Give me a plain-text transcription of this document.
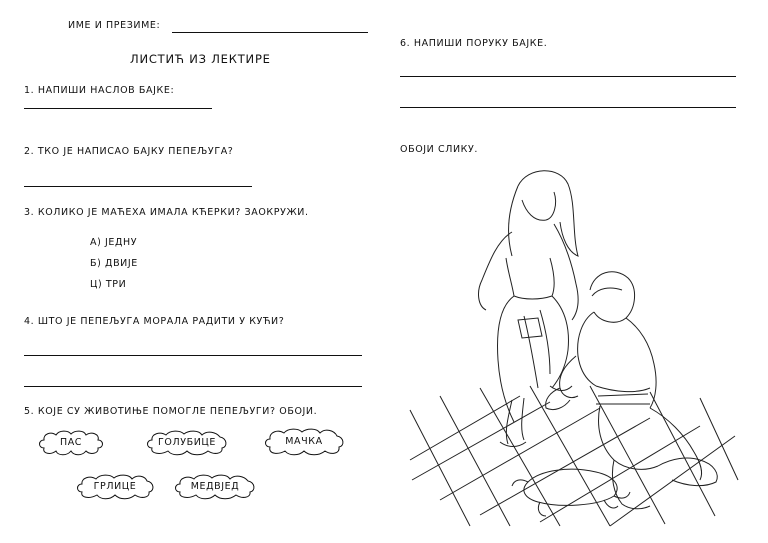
ИМЕ И ПРЕЗИМЕ:
ЛИСТИЋ ИЗ ЛЕКТИРЕ
1. НАПИШИ НАСЛОВ БАЈКЕ:
2. ТКО ЈЕ НАПИСАО БАЈКУ ПЕПЕЉУГА?
3. КОЛИКО ЈЕ МАЋЕХА ИМАЛА КЋЕРКИ? ЗАОКРУЖИ.
А) ЈЕДНУ
Б) ДВИЈЕ
Ц) ТРИ
4. ШТО ЈЕ ПЕПЕЉУГА МОРАЛА РАДИТИ У КУЋИ?
5. КОЈЕ СУ ЖИВОТИЊЕ ПОМОГЛЕ ПЕПЕЉУГИ? ОБОЈИ.
ПАС	ГОЛУБИЦЕ	МАЧКА
ГРЛИЦЕ	МЕДВЈЕД
6. НАПИШИ ПОРУКУ БАЈКЕ.
ОБОЈИ СЛИКУ.
